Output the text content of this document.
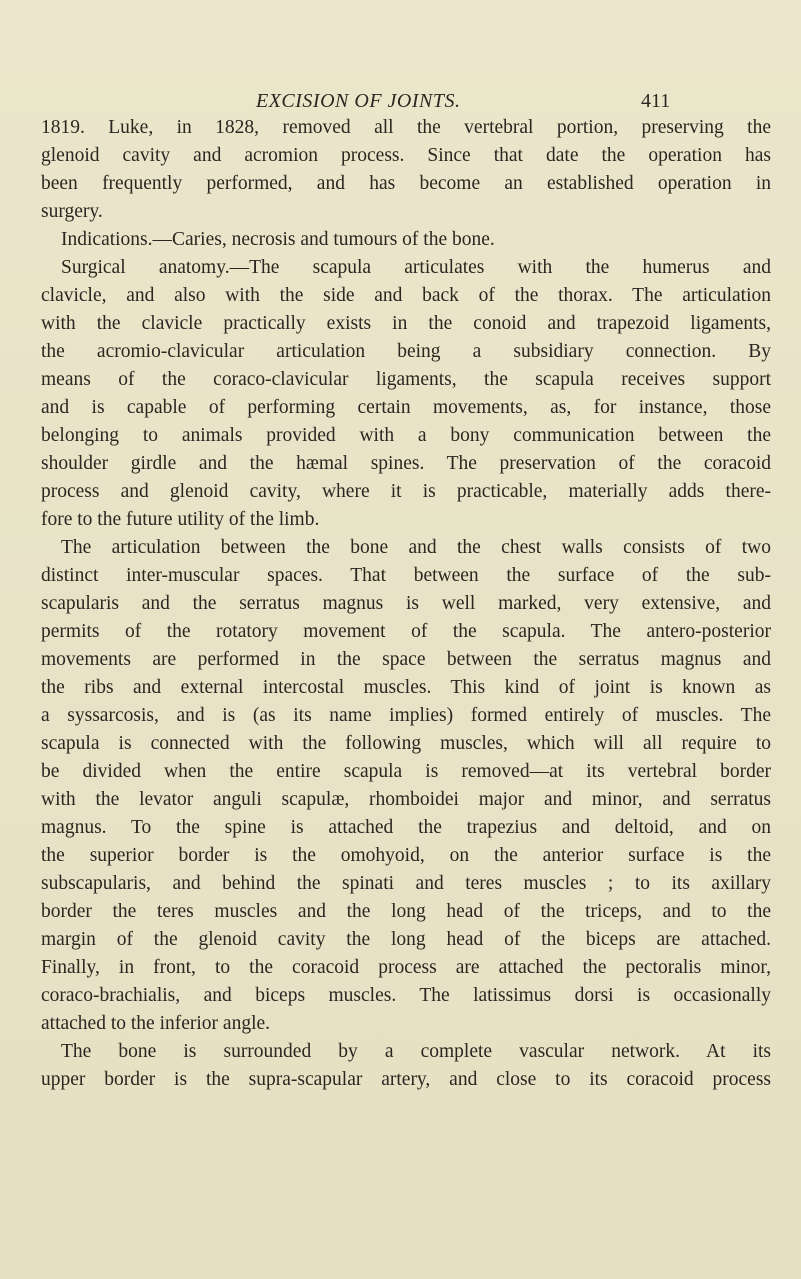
EXCISION OF JOINTS.	411
1819. Luke, in 1828, removed all the vertebral portion, preserving the
glenoid cavity and acromion process. Since that date the operation has
been frequently performed, and has become an established operation in
surgery.
Indications.—Caries, necrosis and tumours of the bone.
Surgical anatomy.—The scapula articulates with the humerus and
clavicle, and also with the side and back of the thorax. The articulation
with the clavicle practically exists in the conoid and trapezoid ligaments,
the acromio-clavicular articulation being a subsidiary connection. By
means of the coraco-clavicular ligaments, the scapula receives support
and is capable of performing certain movements, as, for instance, those
belonging to animals provided with a bony communication between the
shoulder girdle and the hæmal spines. The preservation of the coracoid
process and glenoid cavity, where it is practicable, materially adds there-
fore to the future utility of the limb.
The articulation between the bone and the chest walls consists of two
distinct inter-muscular spaces. That between the surface of the sub-
scapularis and the serratus magnus is well marked, very extensive, and
permits of the rotatory movement of the scapula. The antero-posterior
movements are performed in the space between the serratus magnus and
the ribs and external intercostal muscles. This kind of joint is known as
a syssarcosis, and is (as its name implies) formed entirely of muscles. The
scapula is connected with the following muscles, which will all require to
be divided when the entire scapula is removed—at its vertebral border
with the levator anguli scapulæ, rhomboidei major and minor, and serratus
magnus. To the spine is attached the trapezius and deltoid, and on
the superior border is the omohyoid, on the anterior surface is the
subscapularis, and behind the spinati and teres muscles ; to its axillary
border the teres muscles and the long head of the triceps, and to the
margin of the glenoid cavity the long head of the biceps are attached.
Finally, in front, to the coracoid process are attached the pectoralis minor,
coraco-brachialis, and biceps muscles. The latissimus dorsi is occasionally
attached to the inferior angle.
The bone is surrounded by a complete vascular network. At its
upper border is the supra-scapular artery, and close to its coracoid process
